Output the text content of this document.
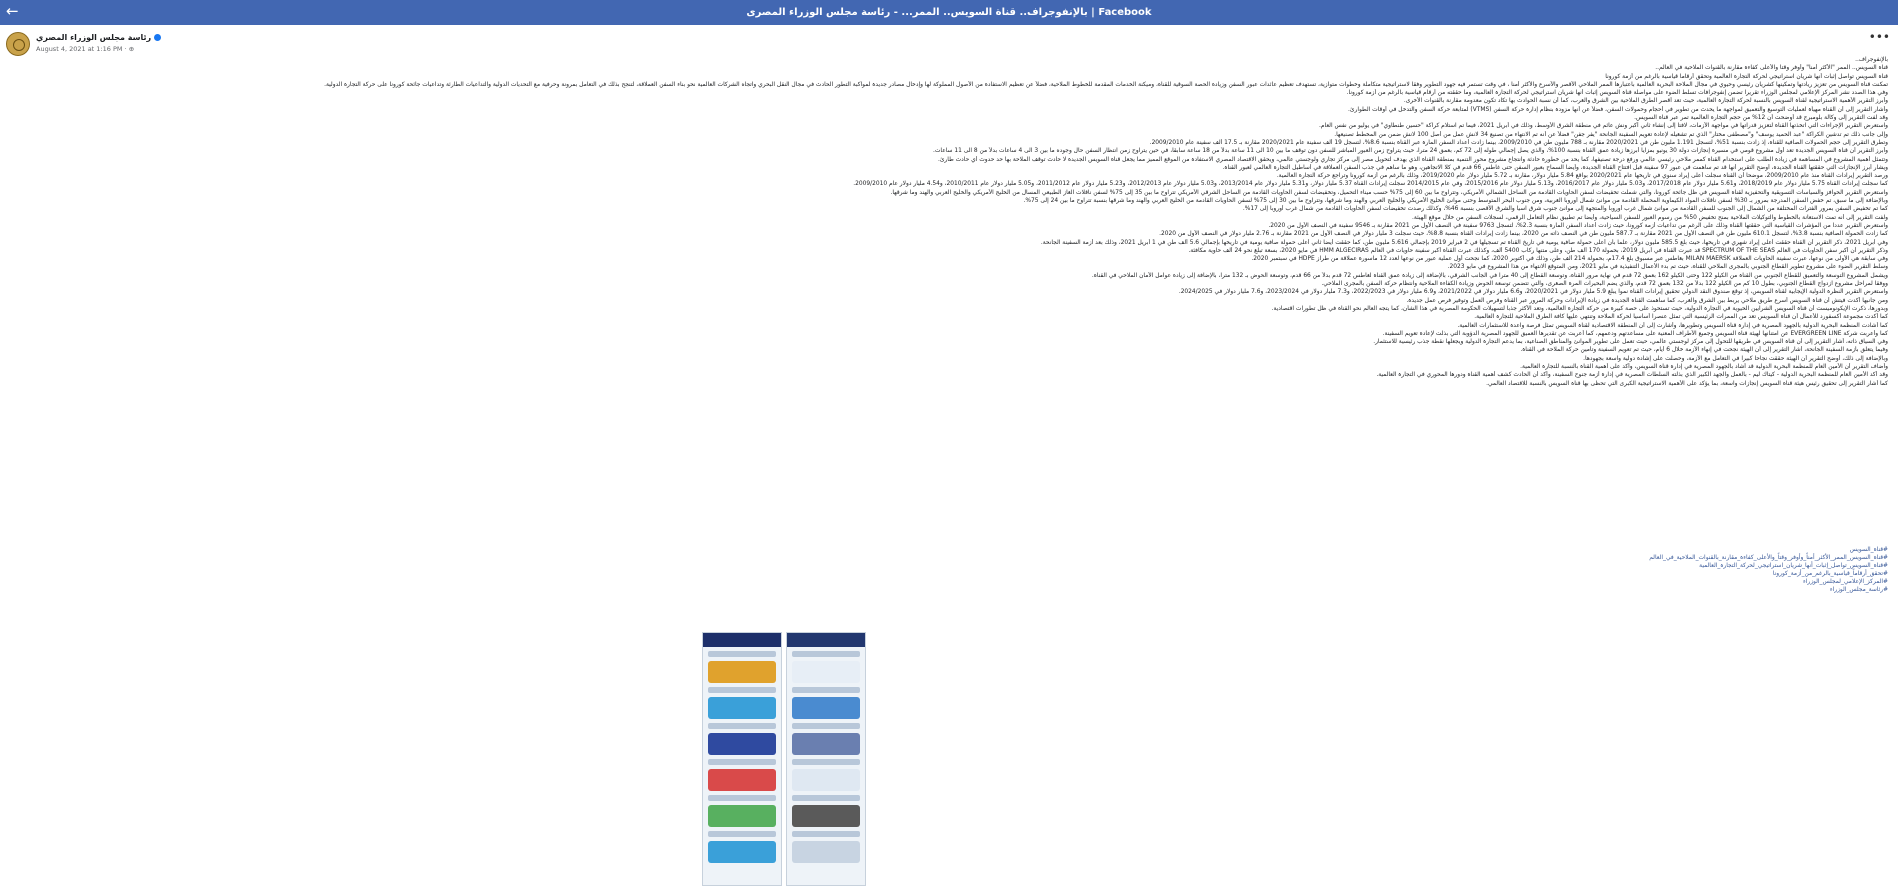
←	بالإنفوجراف.. قناة السويس.. الممر... - رئاسة مجلس الوزراء المصرى | Facebook
رئاسة مجلس الوزراء المصري
August 4, 2021 at 1:16 PM · ⊕
•••
بالإنفوجراف..
قناة السويس.. الممر "الأكثر أمناً" وأوفر وقتاً والأعلى كفاءة مقارنة بالقنوات الملاحية في العالم..
قناة السويس تواصل إثبات أنها شريان استراتيجي لحركة التجارة العالمية وتحقق أرقاماً قياسية بالرغم من أزمة كورونا
تمكنت قناة السويس من تعزيز ريادتها وتمكينها كشريان رئيسي وحيوي في مجال الملاحة البحرية العالمية باعتبارها الممر الملاحي الأقصر والأسرع والأكثر أمناً ، في وقت تستمر فيه جهود التطوير وفقاً لاستراتيجية متكاملة وخطوات متوازية، تستهدف تعظيم عائدات عبور السفن وزيادة الحصة السوقية للقناة، وميكنة الخدمات المقدمة للخطوط الملاحية، فضلاً عن تعظيم الاستفادة من الأصول المملوكة لها وإدخال مصادر جديدة لمواكبة التطور الحادث في مجال النقل البحري واتجاه الشركات العالمية نحو بناء السفن العملاقة، لتنجح بذلك في التعامل بمرونة وحرفية مع التحديات الدولية والتداعيات الطارئة وتداعيات جائحة كورونا على حركة التجارة الدولية.
وفي هذا الصدد نشر المركز الإعلامي لمجلس الوزراء تقريراً تضمن إنفوجرافات تسلط الضوء على مواصلة قناة السويس إثبات أنها شريان استراتيجي لحركة التجارة العالمية، وما حققته من أرقام قياسية بالرغم من أزمة كورونا.
وأبرز التقرير الأهمية الاستراتيجية لقناة السويس بالنسبة لحركة التجارة العالمية، حيث تعد أقصر الطرق الملاحية بين الشرق والغرب، كما أن نسبة الحوادث بها تكاد تكون معدومة مقارنة بالقنوات الأخرى.
وأشار التقرير إلى أن القناة مهيأة لعمليات التوسيع والتعميق لمواجهة ما يحدث من تطوير في أحجام وحمولات السفن، فضلاً عن أنها مزودة بنظام إدارة حركة السفن (VTMS) لمتابعة حركة السفن والتدخل في أوقات الطوارئ.
وقد لفت التقرير إلى وكالة بلومبرج قد أوضحت أن 12% من حجم التجارة العالمية تمر عبر قناة السويس.
واستعرض التقرير الإجراءات التي اتخذتها القناة لتعزيز قدراتها في مواجهة الأزمات، لافتاً إلى إنشاء ثاني أكبر ونش عائم في منطقة الشرق الأوسط، وذلك في أبريل 2021، فيما تم استلام كراكة "حسين طنطاوي" في يوليو من نفس العام.
وإلى جانب ذلك تم تدشين الكراكة "عبد الحميد يوسف" و"مصطفى مختار" الذي تم تشغيله لإعادة تعويم السفينة الجانحة "يفر جفن" فضلاً عن أنه تم الانتهاء من تصنيع 34 لانش عمل من أصل 100 لانش ضمن من المخطط تصنيعها.
وتطرق التقرير إلى حجم الحمولات الصافية للقناة، إذ زادت بنسبة 51%، لتسجل 1.191 مليون طن في 2020/2021 مقارنة بـ 788 مليون طن في 2009/2010، بينما زادت أعداد السفن المارة عبر القناة بنسبة 8.6%، لتسجل 19 ألف سفينة عام 2020/2021 مقارنة بـ 17.5 ألف سفينة عام 2009/2010.
وأبرز التقرير أن قناة السويس الجديدة تعد أول مشروع قومي في مسيرة إنجازات دولة 30 يونيو بمزايا أبرزها زيادة عمق القناة بنسبة 100%، والذي يصل إجمالي طوله إلى 72 كم، بعمق 24 متراً، حيث يتراوح زمن العبور المباشر للسفن دون توقف ما بين 10 الى 11 ساعة بدلاً من 18 ساعة سابقاً، في حين يتراوح زمن انتظار السفن حال وجوده ما بين 3 الى 4 ساعات بدلاً من 8 الى 11 ساعات.
وتتمثل أهمية المشروع في المساهمة في زيادة الطلب على استخدام القناة كممر ملاحي رئيسي عالمي ورفع درجة تصنيفها، كما يحد من خطورة حادثة وانتجاع مشروع محور التنمية بمنطقة القناة الذي يهدف لتحويل مصر إلى مركز تجاري ولوجستي عالمي، ويحقق الاقتصاد المصري الاستفادة من الموقع المميز مما يجعل قناة السويس الجديدة لا حادث توقف الملاحة بها حد حدوث أي حادث طارئ.
ويشار أبرز الإنجازات التي حققتها القناة الجديدة، أوضح التقرير أنها قد تم ساهمت في عبور 97 سفينة قبل افتتاح القناة الجديدة، وأيضاً السماح بعبور السفن حتى غاطس 66 قدم في كلا الاتجاهين، وهو ما ساهم في جذب السفن العملاقة في أساطيل التجارة العالمي لعبور القناة.
ورصد التقرير إيرادات القناة منذ عام 2009/2010، موضحاً أن القناة سجلت أعلى إيراد سنوي في تاريخها عام 2020/2021 بواقع 5.84 مليار دولار، مقارنة بـ 5.72 مليار دولار عام 2019/2020، وذلك بالرغم من أزمة كورونا وتراجع حركة التجارة العالمية.
كما سجلت إيرادات القناة 5.75 مليار دولار عام 2018/2019، و5.61 مليار دولار عام 2017/2018، و5.03 مليار دولار عام 2016/2017، و5.13 مليار دولار عام 2015/2016، وفي عام 2014/2015 سجلت إيرادات القناة 5.37 مليار دولار، و5.31 مليار دولار عام 2013/2014، و5.03 مليار دولار عام 2012/2013، و5.23 مليار دولار عام 2011/2012، و5.05 مليار دولار عام 2010/2011، و4.54 مليار دولار عام 2009/2010.
واستعرض التقرير الحوافز والسياسات التسويقية والتحفيزية لقناة السويس في ظل جائحة كورونا، والتي شملت تخفيضات لسفن الحاويات القادمة من الساحل الشمالي الأمريكي، وتتراوح ما بين 60 إلى 75% حسب ميناء التحميل، وتخفيضات لسفن الحاويات القادمة من الساحل الشرقي الأمريكي تتراوح ما بين 35 إلى 75% لسفن ناقلات الغاز الطبيعي المسال من الخليج الأمريكي والخليج العربي والهند وما شرقها.
وبالإضافة إلى ما سبق، تم خفض السفن المدرجة بمرور بـ 30% لسفن ناقلات المواد الكيماوية المحملة القادمة من موانئ شمال أوروبا الغربية، ومن جنوب البحر المتوسط وحتى موانئ الخليج الأمريكي والخليج العربي والهند وما شرقها، وتتراوح ما بين 30 إلى 75% لسفن الحاويات القادمة من الخليج العربي والهند وما شرقها بنسبة تتراوح ما بين 24 إلى 75%.
كما تم تخفيض السفن بمرور الفترات المختلفة من الشمال إلى الجنوب للسفن القادمة من موانئ شمال غرب أوروبا والمتجهة إلى موانئ جنوب شرق آسيا والشرق الأقصى بنسبة 46%، وكذلك رصدت تخفيضات لسفن الحاويات القادمة من شمال غرب أوروبا إلى 17%.
ولفت التقرير إلى أنه تمت الاستعانة بالخطوط والتوكيلات الملاحية بمنح تخفيض 50% من رسوم العبور للسفن السياحية، وأيضاً تم تطبيق نظام التعامل الرقمي، لسجلات السفن من خلال موقع الهيئة.
واستعرض التقرير عدداً من المؤشرات القياسية التي حققتها القناة وذلك على الرغم من تداعيات أزمة كورونا، حيث زادت أعداد السفن المارة بنسبة 2.3%، لتسجل 9763 سفينة في النصف الأول من 2021 مقارنة بـ 9546 سفينة في النصف الأول من 2020.
كما زادت الحمولة الصافية بنسبة 3.8%، لتسجل 610.1 مليون طن في النصف الأول من 2021 مقارنة بـ 587.7 مليون طن في النصف ذاته من 2020، بينما زادت إيرادات القناة بنسبة 8.8%، حيث سجلت 3 مليار دولار في النصف الأول من 2021 مقارنة بـ 2.76 مليار دولار في النصف الأول من 2020.
وفي أبريل 2021، ذكر التقرير أن القناة حققت أعلى إيراد شهري في تاريخها، حيث بلغ 585.5 مليون دولار، علماً بأن أعلى حمولة صافية يومية في تاريخ القناة تم تسجيلها في 2 فبراير 2019 بإجمالي 5.616 مليون طن، كما حققت أيضاً ثاني أعلى حمولة صافية يومية في تاريخها بإجمالي 5.6 ألف طن في 1 أبريل 2021، وذلك بعد أزمة السفينة الجانحة.
وذكر التقرير أن أكبر سفن الحاويات في العالم SPECTRUM OF THE SEAS قد عبرت القناة في أبريل 2019، بحمولة 170 ألف طن، وعلى متنها ركاب 5400 ألف، وكذلك عبرت القناة أكبر سفينة حاويات في العالم HMM ALGECIRAS في مايو 2020، بسعة تبلغ نحو 24 ألف حاوية مكافئة.
وفي سابقة هي الأولى من نوعها، عبرت سفينة الحاويات العملاقة MILAN MAERSK بغاطس عبر مسبوق بلغ 17.4م، بحمولة 214 ألف طن، وذلك في أكتوبر 2020، كما نجحت أول عملية عبور من نوعها لعدد 12 ماسورة عملاقة من طراز HDPE في سبتمبر 2020.
وسلط التقرير الضوء على مشروع تطوير القطاع الجنوبي بالمجرى الملاحي للقناة، حيث تم بدء الأعمال التنفيذية في مايو 2021، ومن المتوقع الانتهاء من هذا المشروع في مايو 2023.
ويشمل المشروع التوسعة والتعميق للقطاع الجنوبي من القناة من الكيلو 122 وحتى الكيلو 162 بعمق 72 قدم في نهاية مرور القناة، وتوسعة القطاع إلى 40 متراً في الجانب الشرقي، بالإضافة إلى زيادة عمق القناة لغاطس 72 قدم بدلاً من 66 قدم، وتوسعة الحوض بـ 132 متراً، بالإضافة إلى زيادة عوامل الأمان الملاحي في القناة.
ووفقاً لمراحل مشروع ازدواج القطاع الجنوبي، بطول 10 كم من الكيلو 122 بدلاً من 132 بعمق 72 قدم، والذي يضم البحيرات المرة الصغرى، والتي تتضمن توسعة الحوض وزيادة الكفاءة الملاحية وانتظام حركة السفن بالمجرى الملاحي.
واستعرض التقرير النظرة الدولية الإيجابية لقناة السويس، إذ توقع صندوق النقد الدولي تحقيق إيرادات القناة نمواً يبلغ 5.9 مليار دولار في 2020/2021، و6.6 مليار دولار في 2021/2022، و6.9 مليار دولار في 2022/2023، و7.3 مليار دولار في 2023/2024، و7.6 مليار دولار في 2024/2025.
ومن جانبها أكدت فيتش أن قناة السويس أسرع طريق ملاحي يربط بين الشرق والغرب، كما ساهمت القناة الجديدة في زيادة الإيرادات وحركة المرور عبر القناة وفرص العمل وتوفير فرص عمل جديدة.
وبدورها، ذكرت الإيكونوميست أن قناة السويس الشرايين الحيوية في التجارة الدولية، حيث تستحوذ على حصة كبيرة من حركة التجارة العالمية، وتعد الأكثر جذباً لتسهيلات الحكومة المصرية في هذا الشأن، كما يتجه العالم نحو القناة في ظل تطورات اقتصادية.
كما أكدت مجموعة أكسفورد للأعمال أن قناة السويس تعد من الممرات الرئيسية التي تمثل عنصراً أساسياً لحركة الملاحة وتنتهي عليها كافة الطرق الملاحية للتجارة العالمية.
كما أشادت المنظمة البحرية الدولية بالجهود المصرية في إدارة قناة السويس وتطويرها، وأشارت إلى أن المنطقة الاقتصادية لقناة السويس تمثل فرصة واعدة للاستثمارات العالمية.
كما وأعربت شركة EVERGREEN LINE عن امتنانها لهيئة قناة السويس وجميع الأطراف المعنية على مساعدتهم ودعمهم، كما أعربت عن تقديرها العميق للجهود المصرية الدؤوبة التي بذلت لإعادة تعويم السفينة.
وفي السياق ذاته، أشار التقرير إلى أن قناة السويس في طريقها للتحول إلى مركز لوجستي عالمي، حيث تعمل على تطوير الموانئ والمناطق الصناعية، بما يدعم التجارة الدولية ويجعلها نقطة جذب رئيسية للاستثمار.
وفيما يتعلق بأزمة السفينة الجانحة، أشار التقرير إلى أن الهيئة نجحت في إنهاء الأزمة خلال 6 أيام، حيث تم تعويم السفينة وتأمين حركة الملاحة في القناة.
وبالإضافة إلى ذلك، أوضح التقرير أن الهيئة حققت نجاحاً كبيراً في التعامل مع الأزمة، وحصلت على إشادة دولية واسعة بجهودها.
وأضاف التقرير أن الأمين العام للمنظمة البحرية الدولية قد أشاد بالجهود المصرية في إدارة قناة السويس، وأكد على أهمية القناة بالنسبة للتجارة العالمية.
وقد أكد الأمين العام للمنظمة البحرية الدولية - كيتاك ليم - بالعمل والجهد الكبير الذي بذلته السلطات المصرية في إدارة أزمة جنوح السفينة، وأكد أن الحادث كشف أهمية القناة ودورها المحوري في التجارة العالمية.
كما أشار التقرير إلى تحقيق رئيس هيئة قناة السويس إنجازات واسعة، بما يؤكد على الأهمية الاستراتيجية الكبرى التي تحظى بها قناة السويس بالنسبة للاقتصاد العالمي.
#قناة_السويس
#قناة_السويس_الممر_الأكثر_أمناً_وأوفر_وقتاً_والأعلى_كفاءة_مقارنة_بالقنوات_الملاحية_في_العالم
#قناة_السويس_تواصل_إثبات_أنها_شريان_استراتيجي_لحركة_التجارة_العالمية
#تحقق_أرقاماً_قياسية_بالرغم_من_أزمة_كورونا
#المركز_الإعلامي_لمجلس_الوزراء
#رئاسة_مجلس_الوزراء
